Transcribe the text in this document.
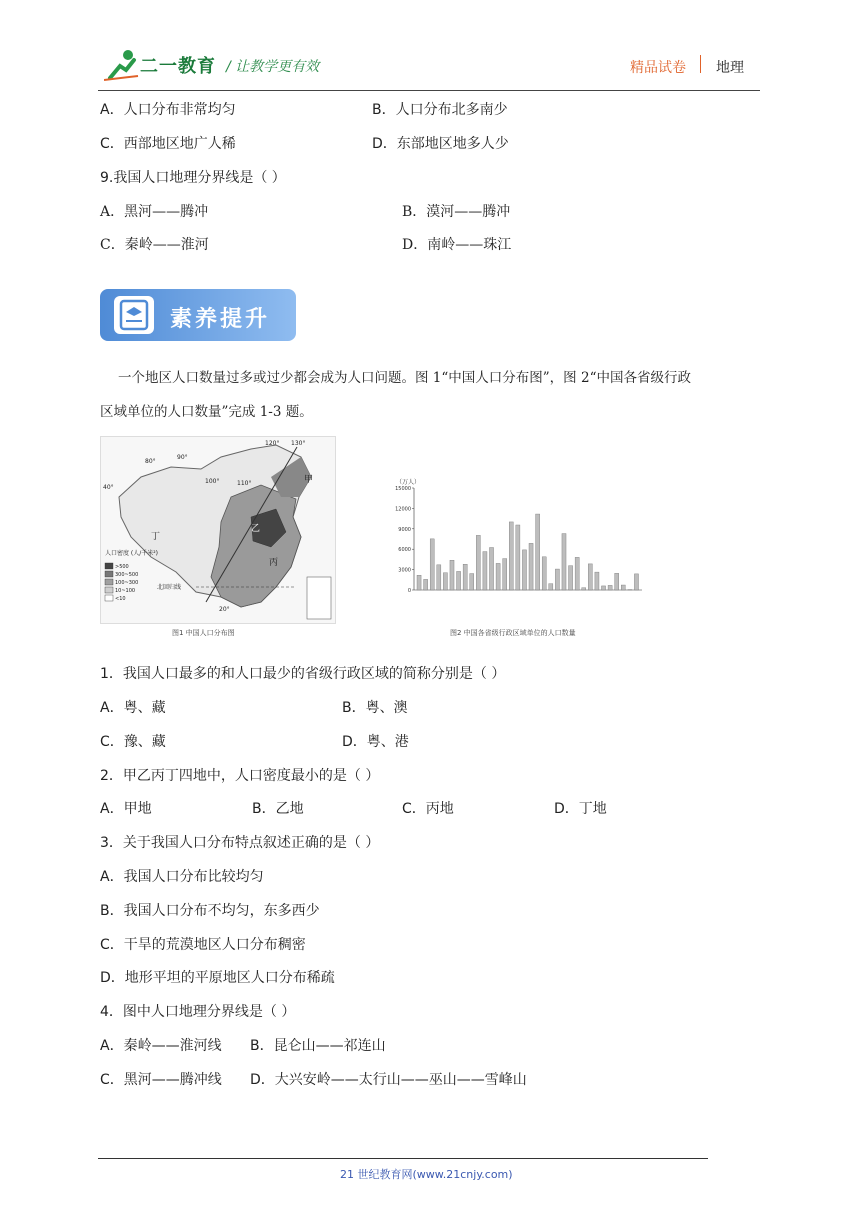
二一教育 / 让教学更有效	精品试卷 地理
A．人口分布非常均匀	B．人口分布北多南少
C．西部地区地广人稀	D．东部地区地多人少
9.我国人口地理分界线是（ ）
A．黑河——腾冲	B．漠河——腾冲
C．秦岭——淮河	D．南岭——珠江
素养提升
一个地区人口数量过多或过少都会成为人口问题。图 1“中国人口分布图”，图 2“中国各省级行政
区域单位的人口数量”完成 1-3 题。
人口密度 (人/千米²)
>500
300~500
100~300
10~100
<10
甲
乙
丙
丁
北回归线
80°
90°
100°	110°
120° 130°
40°
20°
图1 中国人口分布图
（万人）
15000
12000
9000
6000
3000
0
图2 中国各省级行政区域单位的人口数量
1．我国人口最多的和人口最少的省级行政区域的简称分别是（ ）
A．粤、藏	B．粤、澳
C．豫、藏	D．粤、港
2．甲乙丙丁四地中，人口密度最小的是（ ）
A．甲地	B．乙地	C．丙地	D．丁地
3．关于我国人口分布特点叙述正确的是（ ）
A．我国人口分布比较均匀
B．我国人口分布不均匀，东多西少
C．干旱的荒漠地区人口分布稠密
D．地形平坦的平原地区人口分布稀疏
4．图中人口地理分界线是（ ）
A．秦岭——淮河线 B．昆仑山——祁连山
C．黑河——腾冲线 D．大兴安岭——太行山——巫山——雪峰山
21 世纪教育网(www.21cnjy.com)
